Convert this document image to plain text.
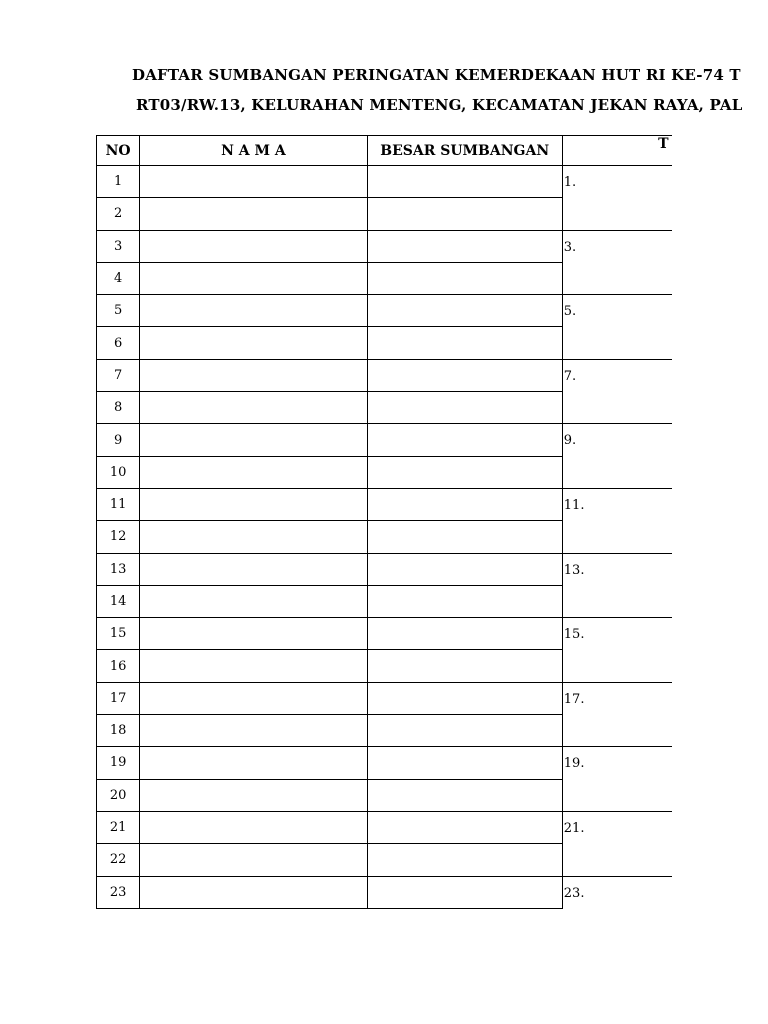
DAFTAR SUMBANGAN PERINGATAN KEMERDEKAAN HUT RI KE-74 T
RT03/RW.13, KELURAHAN MENTENG, KECAMATAN JEKAN RAYA, PAL
NO	N A M A	BESAR SUMBANGAN	T
1			1.

2			
3			3.

4			
5			5.

6			
7			7.

8			
9			9.

10			
11			11.

12			
13			13.

14			
15			15.

16			
17			17.

18			
19			19.

20			
21			21.

22			
23			23.
